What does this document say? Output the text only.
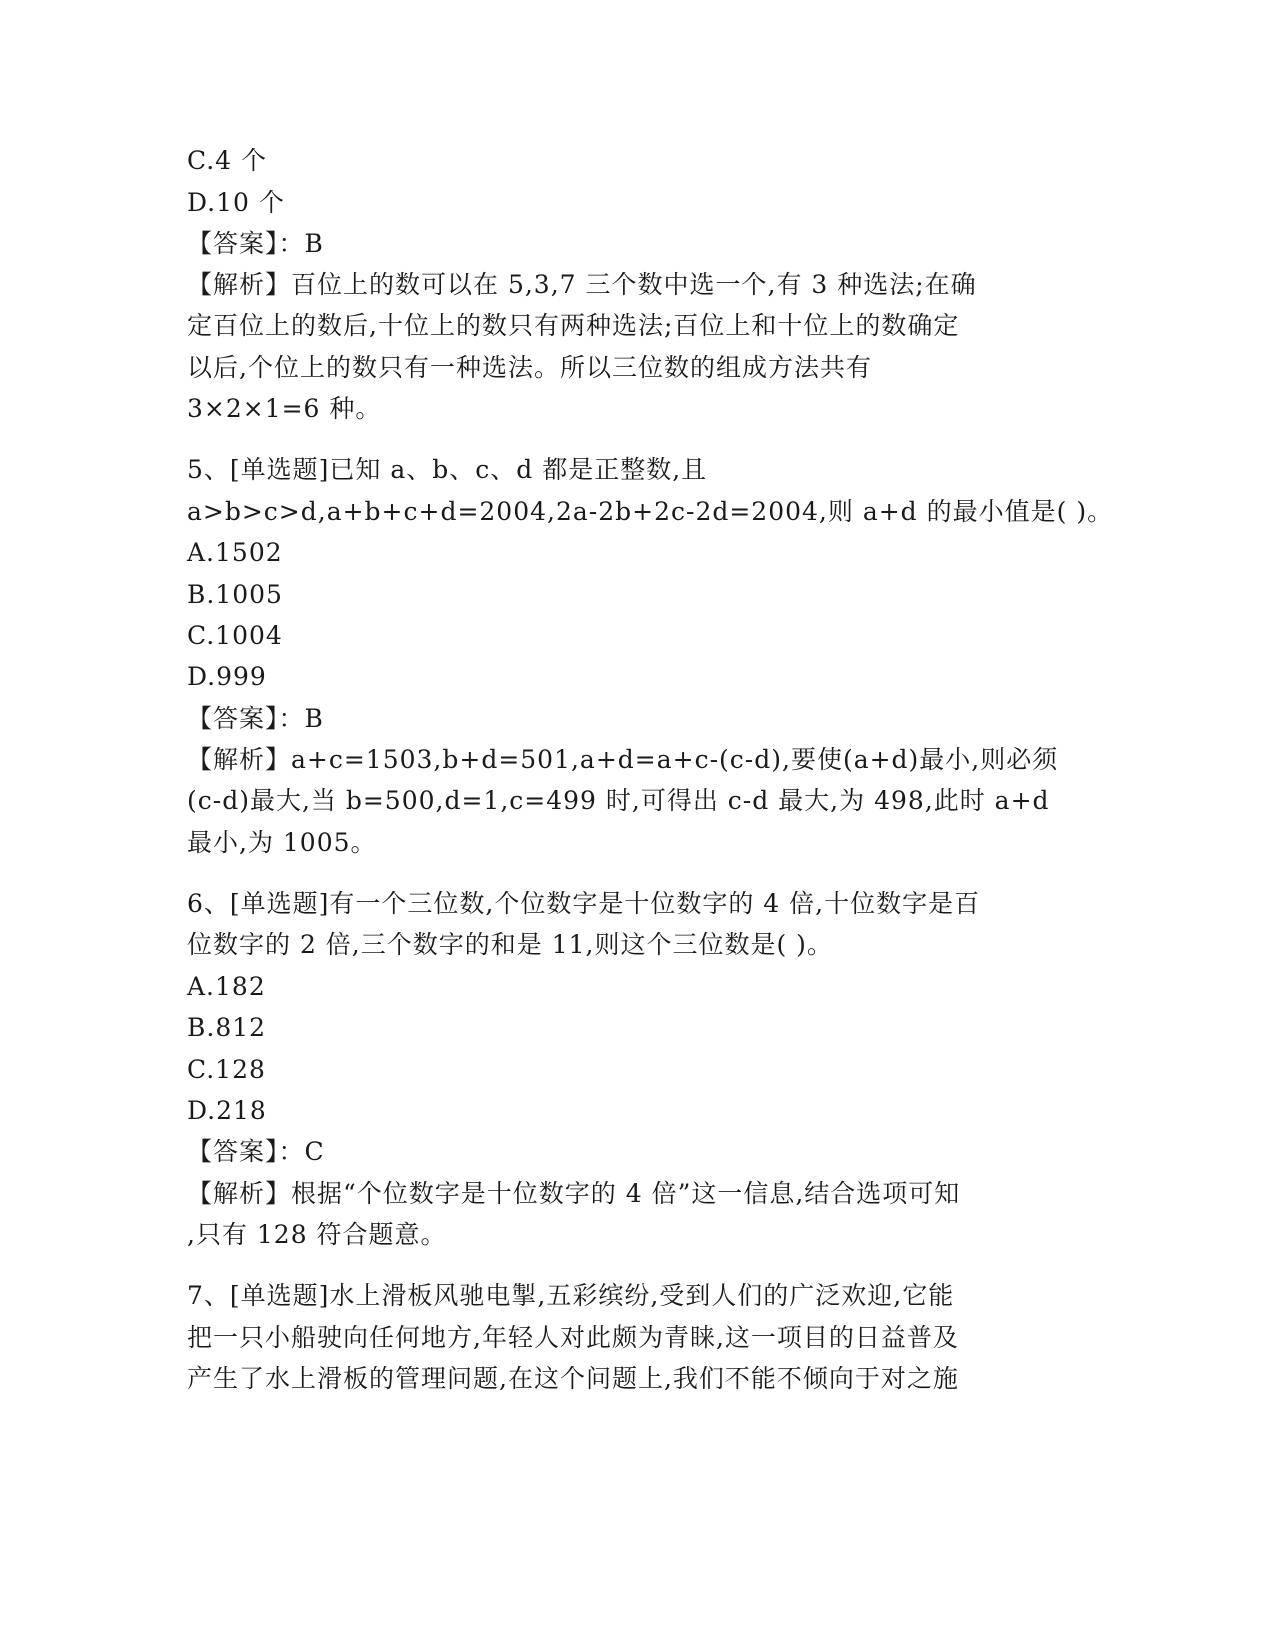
C.4 个
D.10 个
【答案】：B
【解析】百位上的数可以在 5,3,7 三个数中选一个,有 3 种选法;在确
定百位上的数后,十位上的数只有两种选法;百位上和十位上的数确定
以后,个位上的数只有一种选法。所以三位数的组成方法共有
3×2×1=6 种。
5、[单选题]已知 a、b、c、d 都是正整数,且
a>b>c>d,a+b+c+d=2004,2a-2b+2c-2d=2004,则 a+d 的最小值是( )。
A.1502
B.1005
C.1004
D.999
【答案】：B
【解析】a+c=1503,b+d=501,a+d=a+c-(c-d),要使(a+d)最小,则必须
(c-d)最大,当 b=500,d=1,c=499 时,可得出 c-d 最大,为 498,此时 a+d
最小,为 1005。
6、[单选题]有一个三位数,个位数字是十位数字的 4 倍,十位数字是百
位数字的 2 倍,三个数字的和是 11,则这个三位数是( )。
A.182
B.812
C.128
D.218
【答案】：C
【解析】根据“个位数字是十位数字的 4 倍”这一信息,结合选项可知
,只有 128 符合题意。
7、[单选题]水上滑板风驰电掣,五彩缤纷,受到人们的广泛欢迎,它能
把一只小船驶向任何地方,年轻人对此颇为青睐,这一项目的日益普及
产生了水上滑板的管理问题,在这个问题上,我们不能不倾向于对之施
